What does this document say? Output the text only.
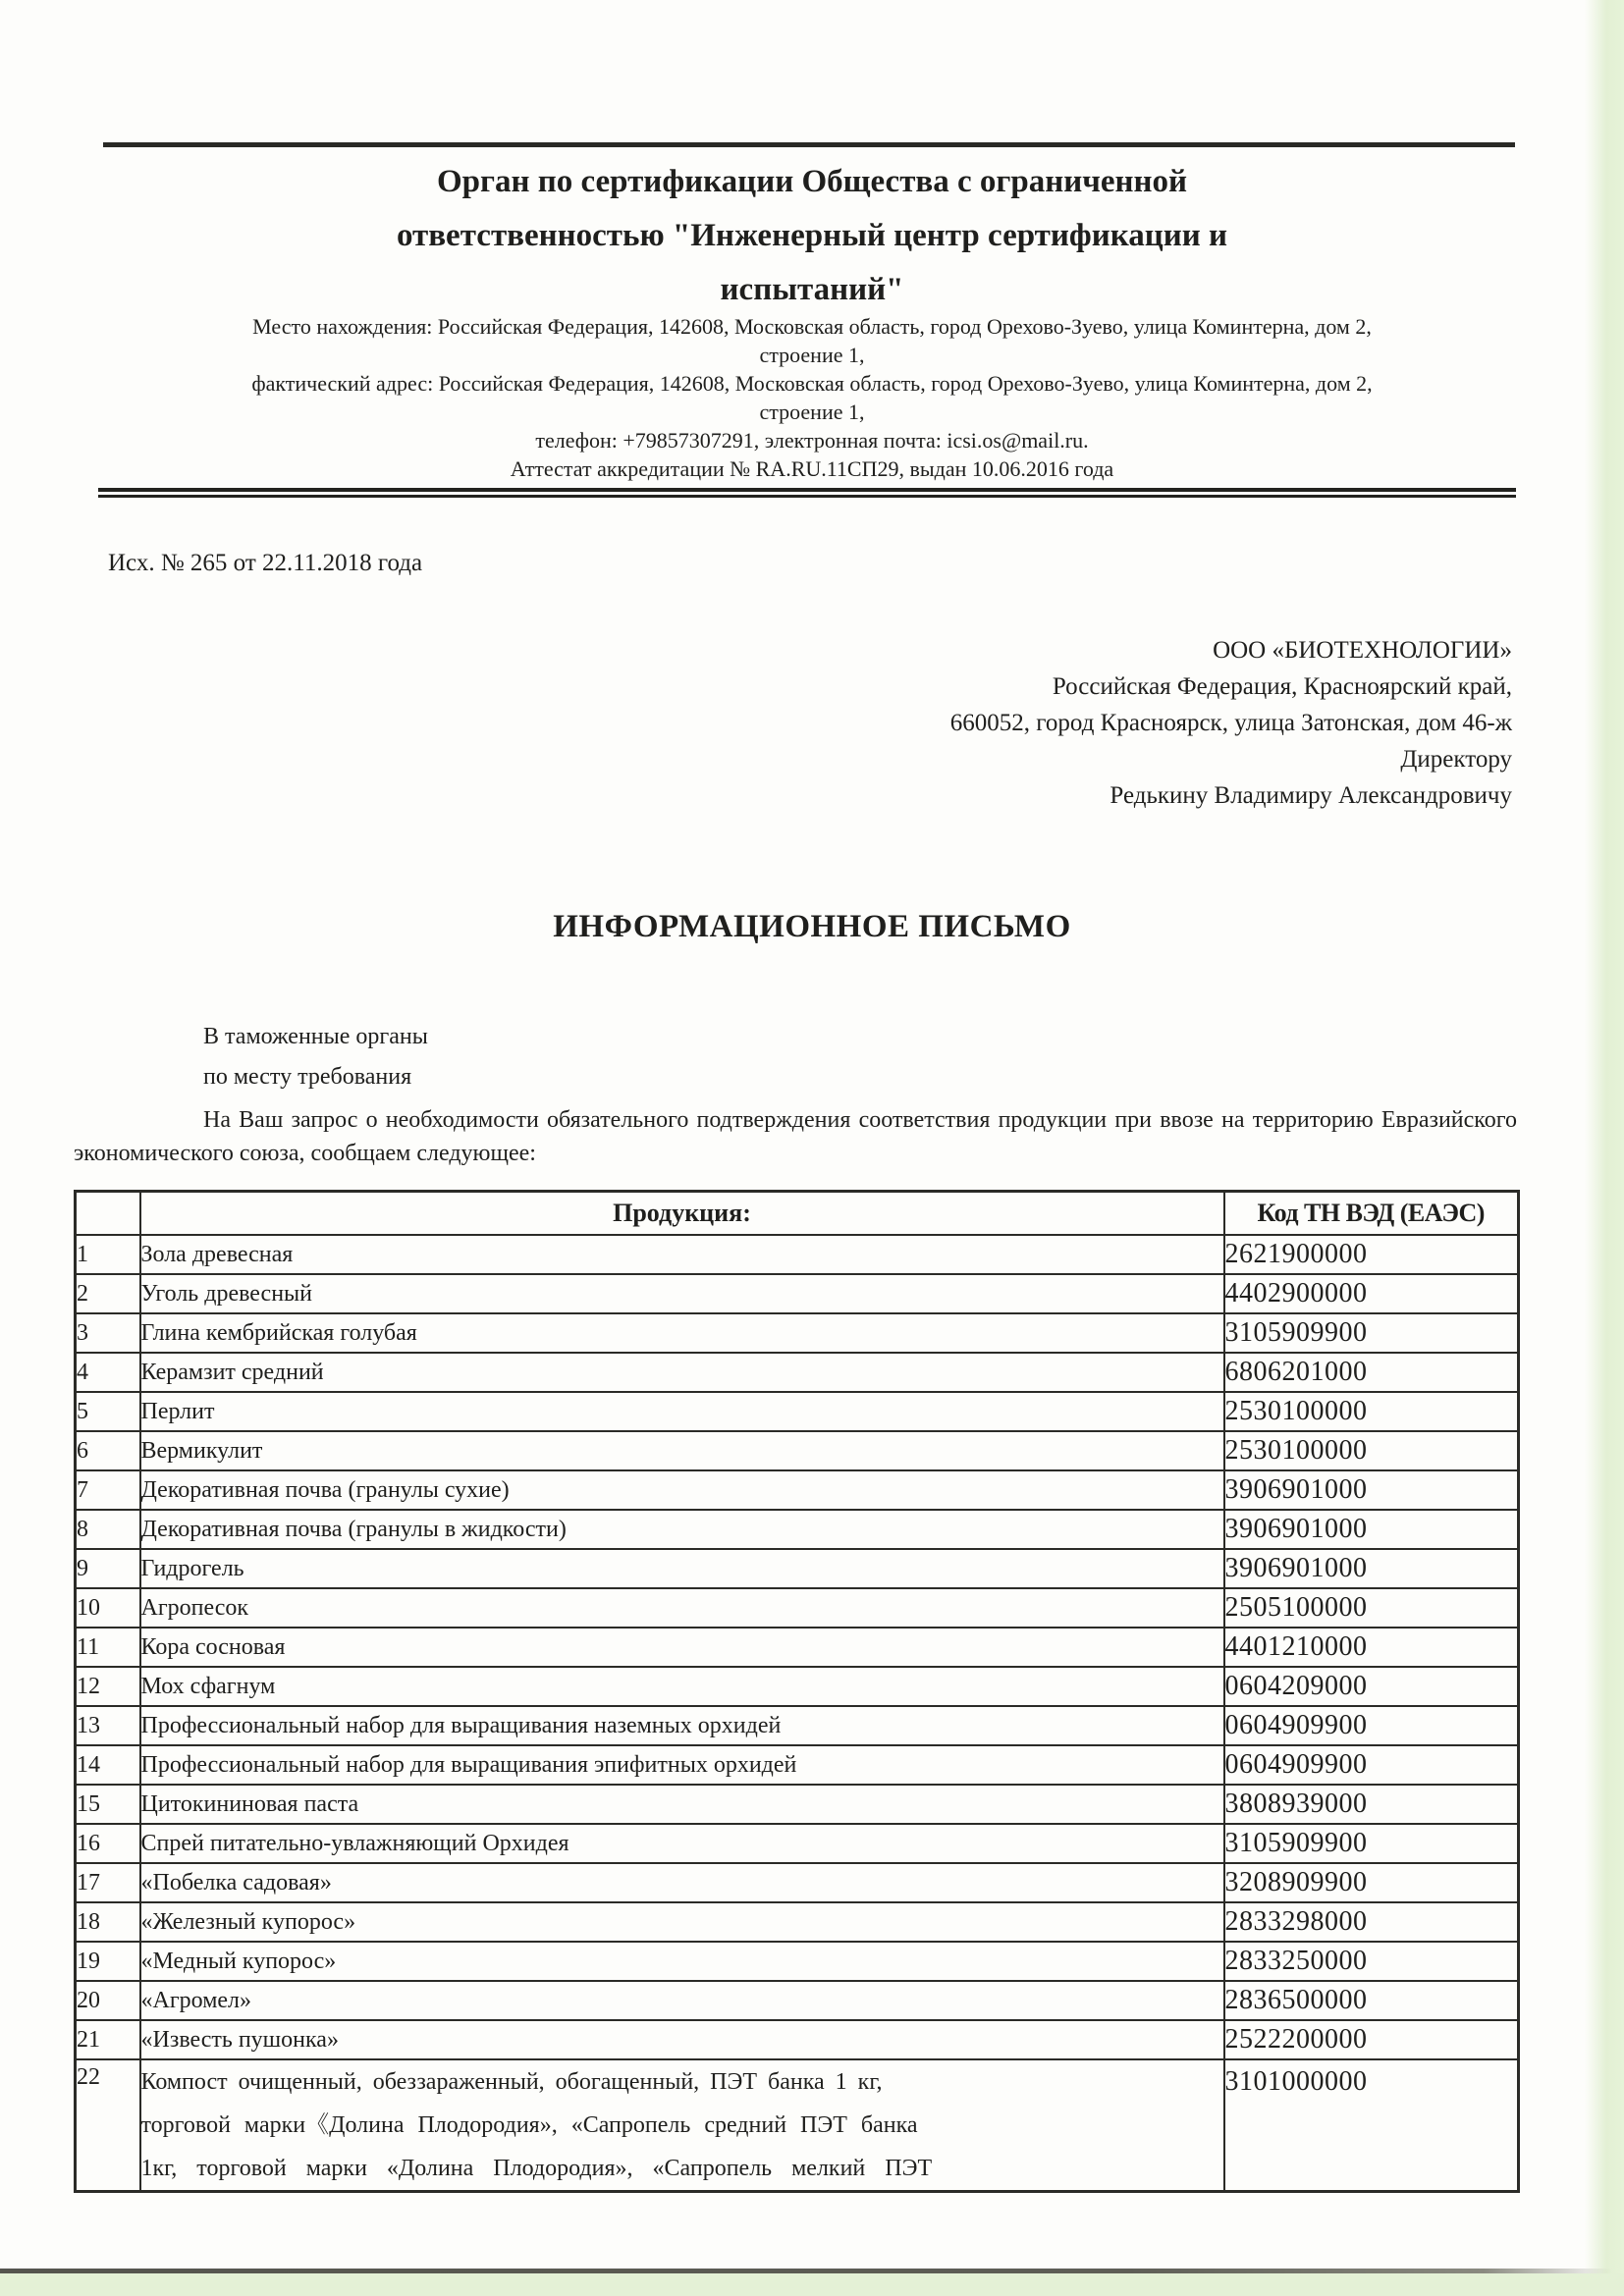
Орган по сертификации Общества с ограниченной
ответственностью "Инженерный центр сертификации и
испытаний"
Место нахождения: Российская Федерация, 142608, Московская область, город Орехово-Зуево, улица Коминтерна, дом 2,
строение 1,
фактический адрес: Российская Федерация, 142608, Московская область, город Орехово-Зуево, улица Коминтерна, дом 2,
строение 1,
телефон: +79857307291, электронная почта: icsi.os@mail.ru.
Аттестат аккредитации № RA.RU.11СП29, выдан 10.06.2016 года
Исх. № 265 от 22.11.2018 года
ООО «БИОТЕХНОЛОГИИ»
Российская Федерация, Красноярский край,
660052, город Красноярск, улица Затонская, дом 46-ж
Директору
Редькину Владимиру Александровичу
ИНФОРМАЦИОННОЕ ПИСЬМО
В таможенные органы
по месту требования

На Ваш запрос о необходимости обязательного подтверждения соответствия продукции при ввозе на территорию Евразийского экономического союза, сообщаем следующее:

	Продукция:	Код ТН ВЭД (ЕАЭС)
1	Зола древесная	2621900000
2	Уголь древесный	4402900000
3	Глина кембрийская голубая	3105909900
4	Керамзит средний	6806201000
5	Перлит	2530100000
6	Вермикулит	2530100000
7	Декоративная почва (гранулы сухие)	3906901000
8	Декоративная почва (гранулы в жидкости)	3906901000
9	Гидрогель	3906901000
10	Агропесок	2505100000
11	Кора сосновая	4401210000
12	Мох сфагнум	0604209000
13	Профессиональный набор для выращивания наземных орхидей	0604909900
14	Профессиональный набор для выращивания эпифитных орхидей	0604909900
15	Цитокининовая паста	3808939000
16	Спрей питательно-увлажняющий Орхидея	3105909900
17	«Побелка садовая»	3208909900
18	«Железный купорос»	2833298000
19	«Медный купорос»	2833250000
20	«Агромел»	2836500000
21	«Известь пушонка»	2522200000
22	Компост очищенный, обеззараженный, обогащенный, ПЭТ банка 1 кг,
торговой марки《Долина Плодородия», «Сапропель средний ПЭТ банка
1кг, торговой марки «Долина Плодородия», «Сапропель мелкий ПЭТ	3101000000
